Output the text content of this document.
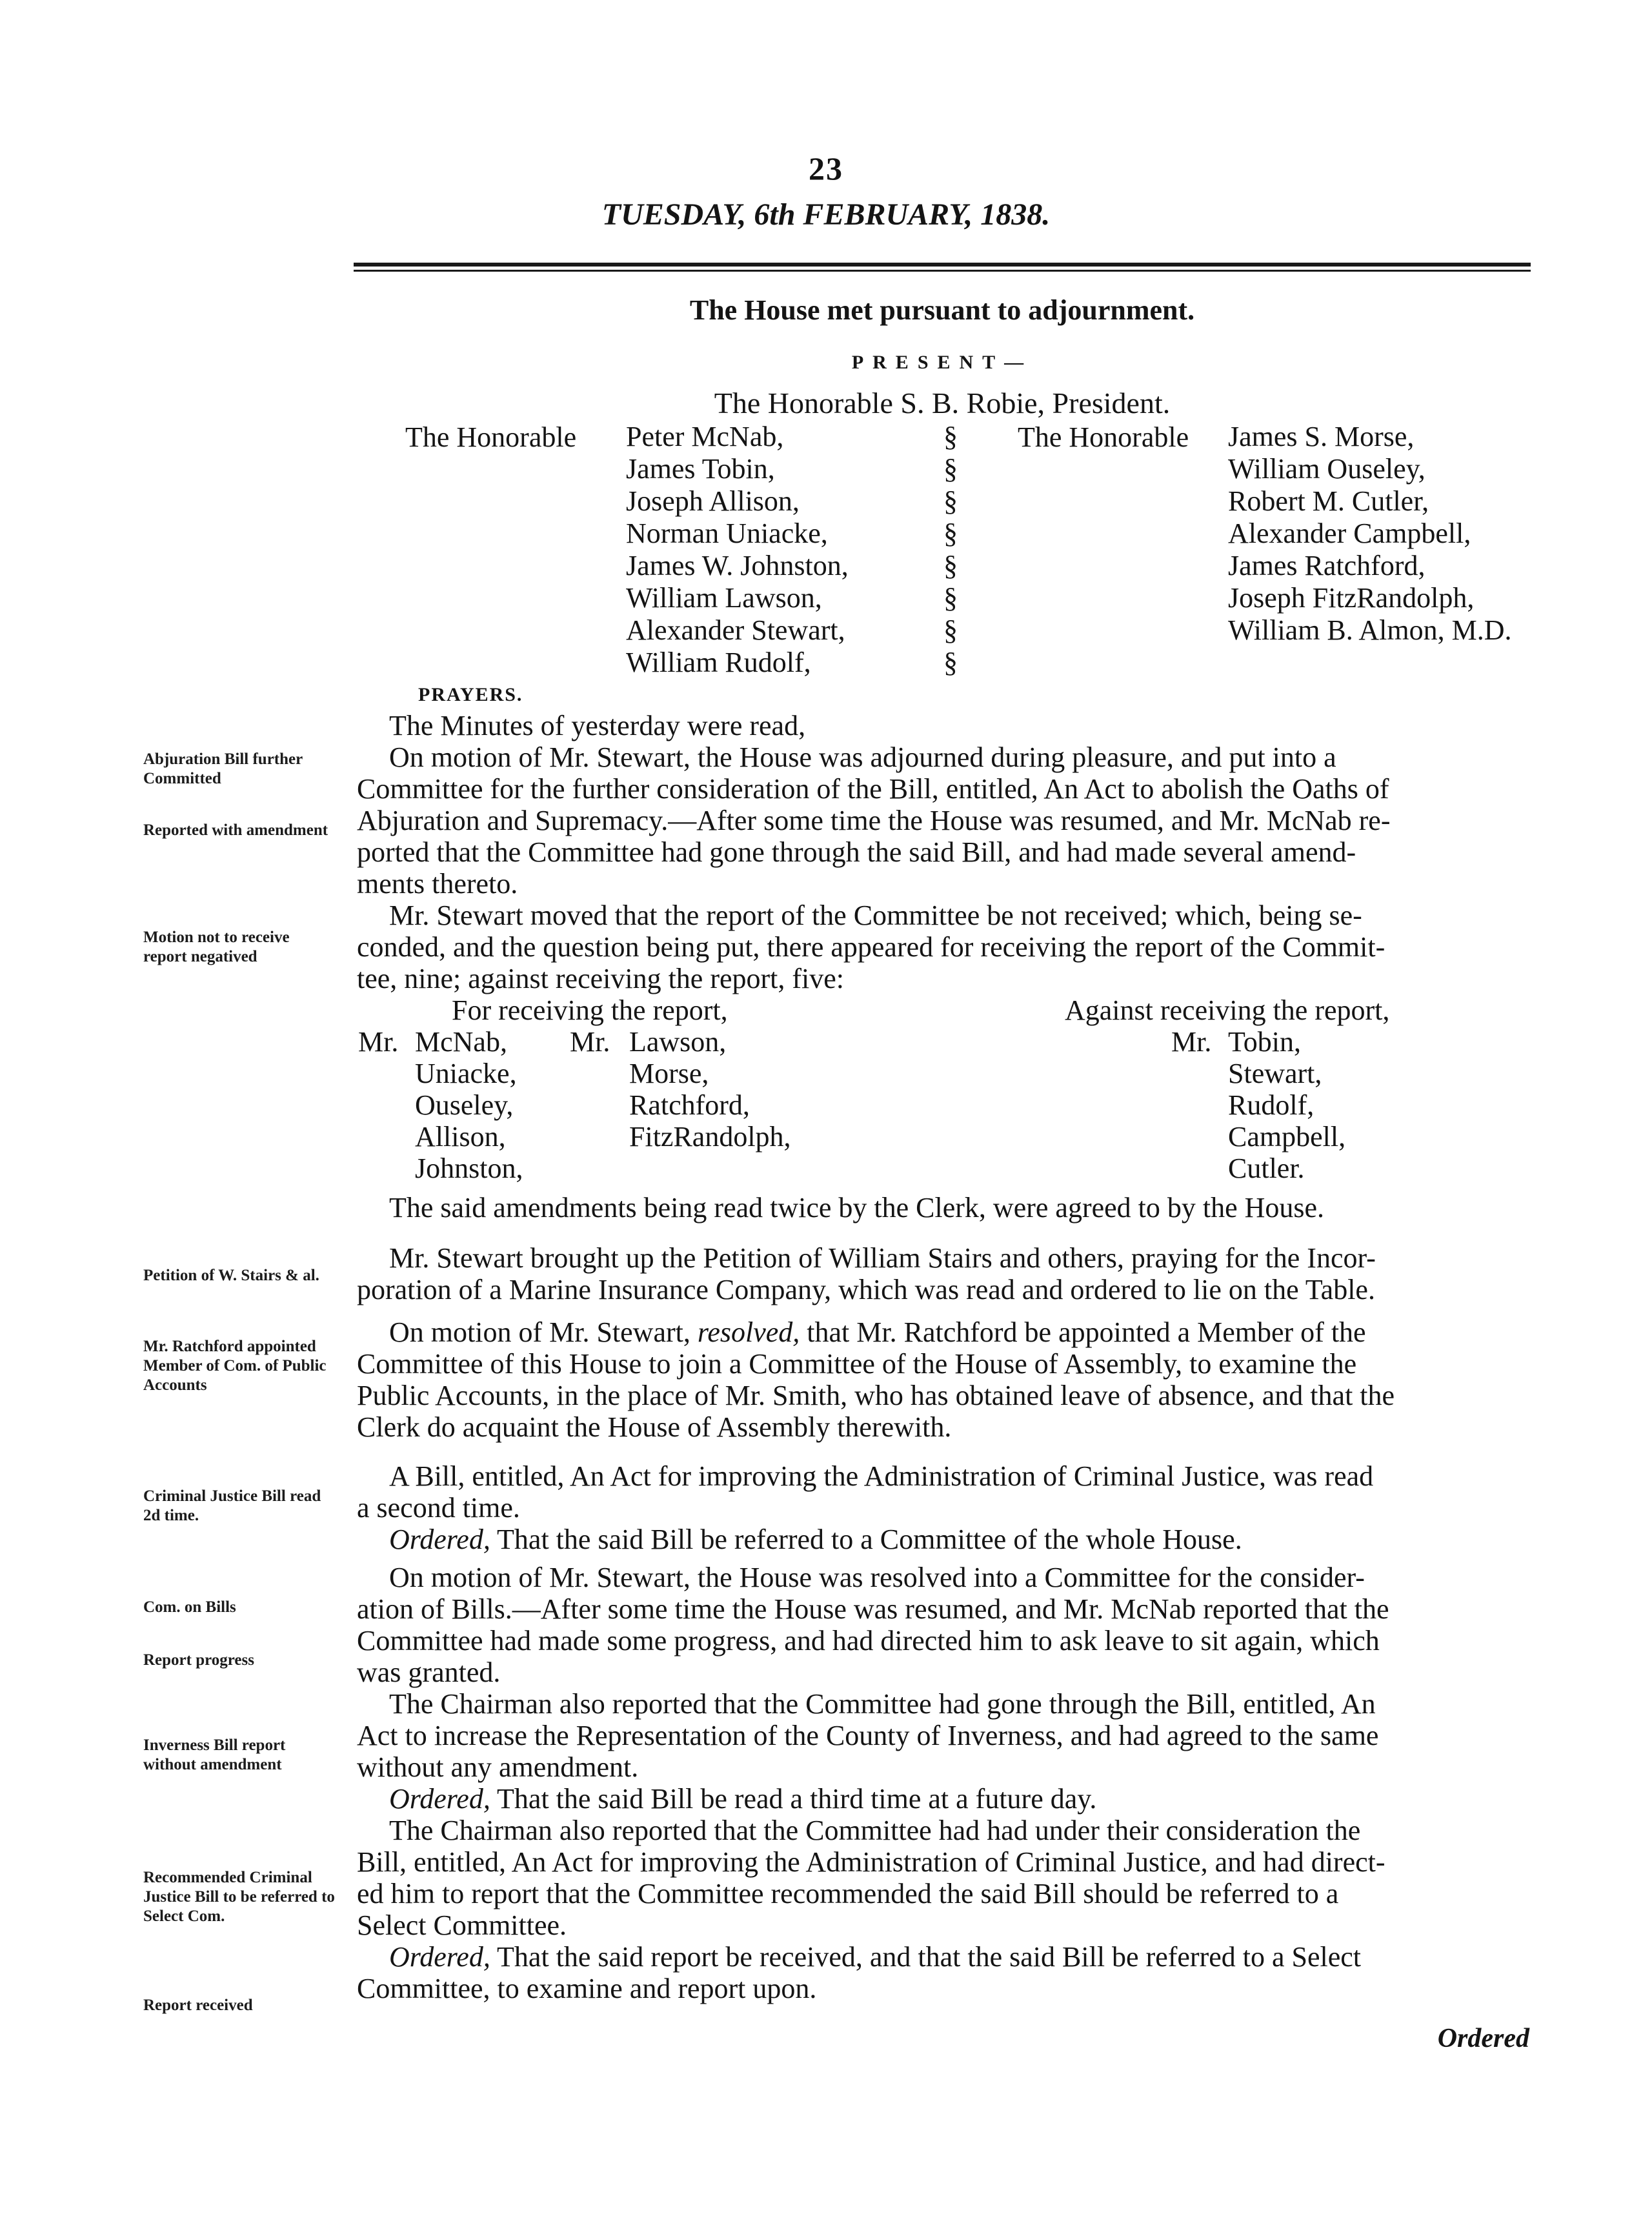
23
TUESDAY, 6th FEBRUARY, 1838.
The House met pursuant to adjournment.
PRESENT—
The Honorable S. B. Robie, President.
The Honorable Peter McNab,
James Tobin,
Joseph Allison,
Norman Uniacke,
James W. Johnston,
William Lawson,
Alexander Stewart,
William Rudolf,
§
§
§
§
§
§
§
§
The Honorable James S. Morse,
William Ouseley,
Robert M. Cutler,
Alexander Campbell,
James Ratchford,
Joseph FitzRandolph,
William B. Almon, M.D.
PRAYERS.
The Minutes of yesterday were read,
On motion of Mr. Stewart, the House was adjourned during pleasure, and put into a
Committee for the further consideration of the Bill, entitled, An Act to abolish the Oaths of
Abjuration and Supremacy.—After some time the House was resumed, and Mr. McNab re-
ported that the Committee had gone through the said Bill, and had made several amend-
ments thereto.
Mr. Stewart moved that the report of the Committee be not received; which, being se-
conded, and the question being put, there appeared for receiving the report of the Commit-
tee, nine; against receiving the report, five:
For receiving the report,	Against receiving the report,
Mr. McNab,
Uniacke,
Ouseley,
Allison,
Johnston,
Mr. Lawson,
Morse,
Ratchford,
FitzRandolph,
Mr. Tobin,
Stewart,
Rudolf,
Campbell,
Cutler.
The said amendments being read twice by the Clerk, were agreed to by the House.
Mr. Stewart brought up the Petition of William Stairs and others, praying for the Incor-
poration of a Marine Insurance Company, which was read and ordered to lie on the Table.
On motion of Mr. Stewart, resolved, that Mr. Ratchford be appointed a Member of the
Committee of this House to join a Committee of the House of Assembly, to examine the
Public Accounts, in the place of Mr. Smith, who has obtained leave of absence, and that the
Clerk do acquaint the House of Assembly therewith.
A Bill, entitled, An Act for improving the Administration of Criminal Justice, was read
a second time.
Ordered, That the said Bill be referred to a Committee of the whole House.
On motion of Mr. Stewart, the House was resolved into a Committee for the consider-
ation of Bills.—After some time the House was resumed, and Mr. McNab reported that the
Committee had made some progress, and had directed him to ask leave to sit again, which
was granted.
The Chairman also reported that the Committee had gone through the Bill, entitled, An
Act to increase the Representation of the County of Inverness, and had agreed to the same
without any amendment.
Ordered, That the said Bill be read a third time at a future day.
The Chairman also reported that the Committee had had under their consideration the
Bill, entitled, An Act for improving the Administration of Criminal Justice, and had direct-
ed him to report that the Committee recommended the said Bill should be referred to a
Select Committee.
Ordered, That the said report be received, and that the said Bill be referred to a Select
Committee, to examine and report upon.
Abjuration Bill further Committed
Reported with amendment
Motion not to receive report negatived
Petition of W. Stairs & al.
Mr. Ratchford appointed Member of Com. of Public Accounts
Criminal Justice Bill read 2d time.
Com. on Bills
Report progress
Inverness Bill report without amendment
Recommended Criminal Justice Bill to be referred to Select Com.
Report received
Ordered
